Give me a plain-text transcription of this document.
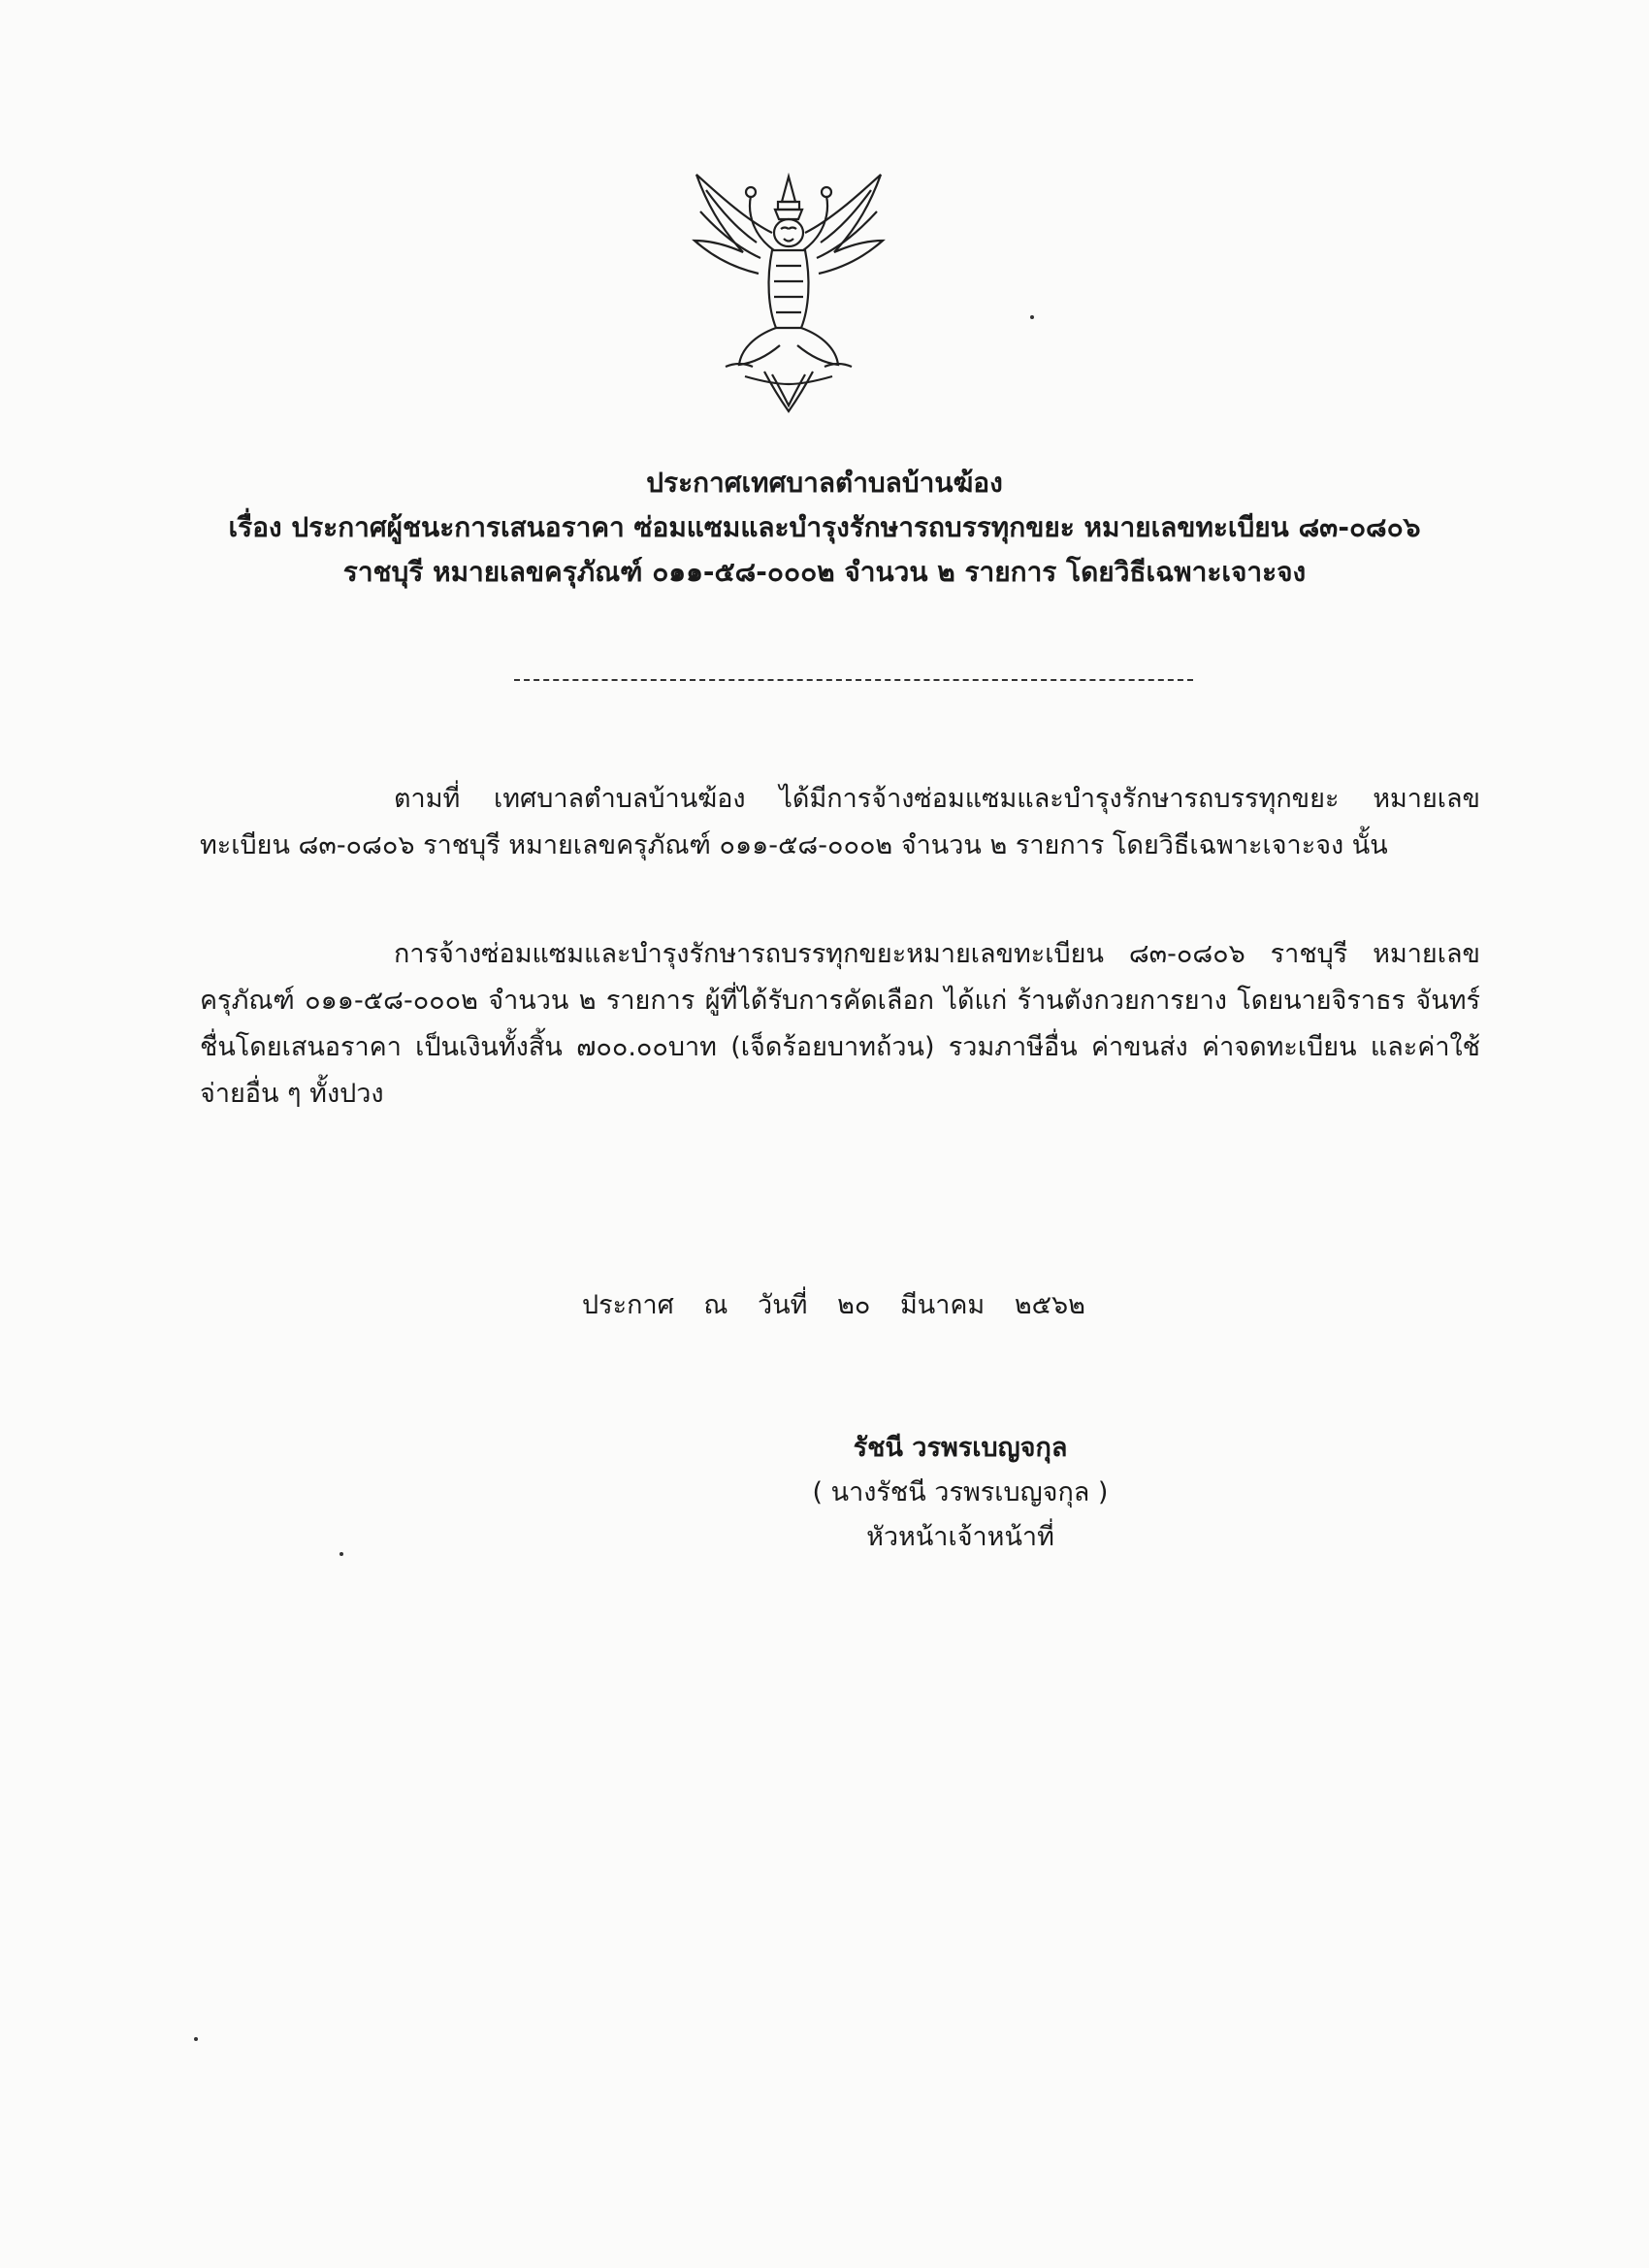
ประกาศเทศบาลตำบลบ้านฆ้อง
เรื่อง ประกาศผู้ชนะการเสนอราคา ซ่อมแซมและบำรุงรักษารถบรรทุกขยะ หมายเลขทะเบียน ๘๓-๐๘๐๖
ราชบุรี หมายเลขครุภัณฑ์ ๐๑๑-๕๘-๐๐๐๒ จำนวน ๒ รายการ โดยวิธีเฉพาะเจาะจง
ตามที่ เทศบาลตำบลบ้านฆ้อง ได้มีการจ้างซ่อมแซมและบำรุงรักษารถบรรทุกขยะ หมายเลขทะเบียน ๘๓-๐๘๐๖ ราชบุรี หมายเลขครุภัณฑ์ ๐๑๑-๕๘-๐๐๐๒ จำนวน ๒ รายการ โดยวิธีเฉพาะเจาะจง นั้น
การจ้างซ่อมแซมและบำรุงรักษารถบรรทุกขยะหมายเลขทะเบียน ๘๓-๐๘๐๖ ราชบุรี หมายเลขครุภัณฑ์ ๐๑๑-๕๘-๐๐๐๒ จำนวน ๒ รายการ ผู้ที่ได้รับการคัดเลือก ได้แก่ ร้านตังกวยการยาง โดยนายจิราธร จันทร์ชื่นโดยเสนอราคา เป็นเงินทั้งสิ้น ๗๐๐.๐๐บาท (เจ็ดร้อยบาทถ้วน) รวมภาษีอื่น ค่าขนส่ง ค่าจดทะเบียน และค่าใช้จ่ายอื่น ๆ ทั้งปวง
ประกาศ ณ วันที่ ๒๐ มีนาคม ๒๕๖๒
รัชนี วรพรเบญจกุล
( นางรัชนี วรพรเบญจกุล )
หัวหน้าเจ้าหน้าที่
